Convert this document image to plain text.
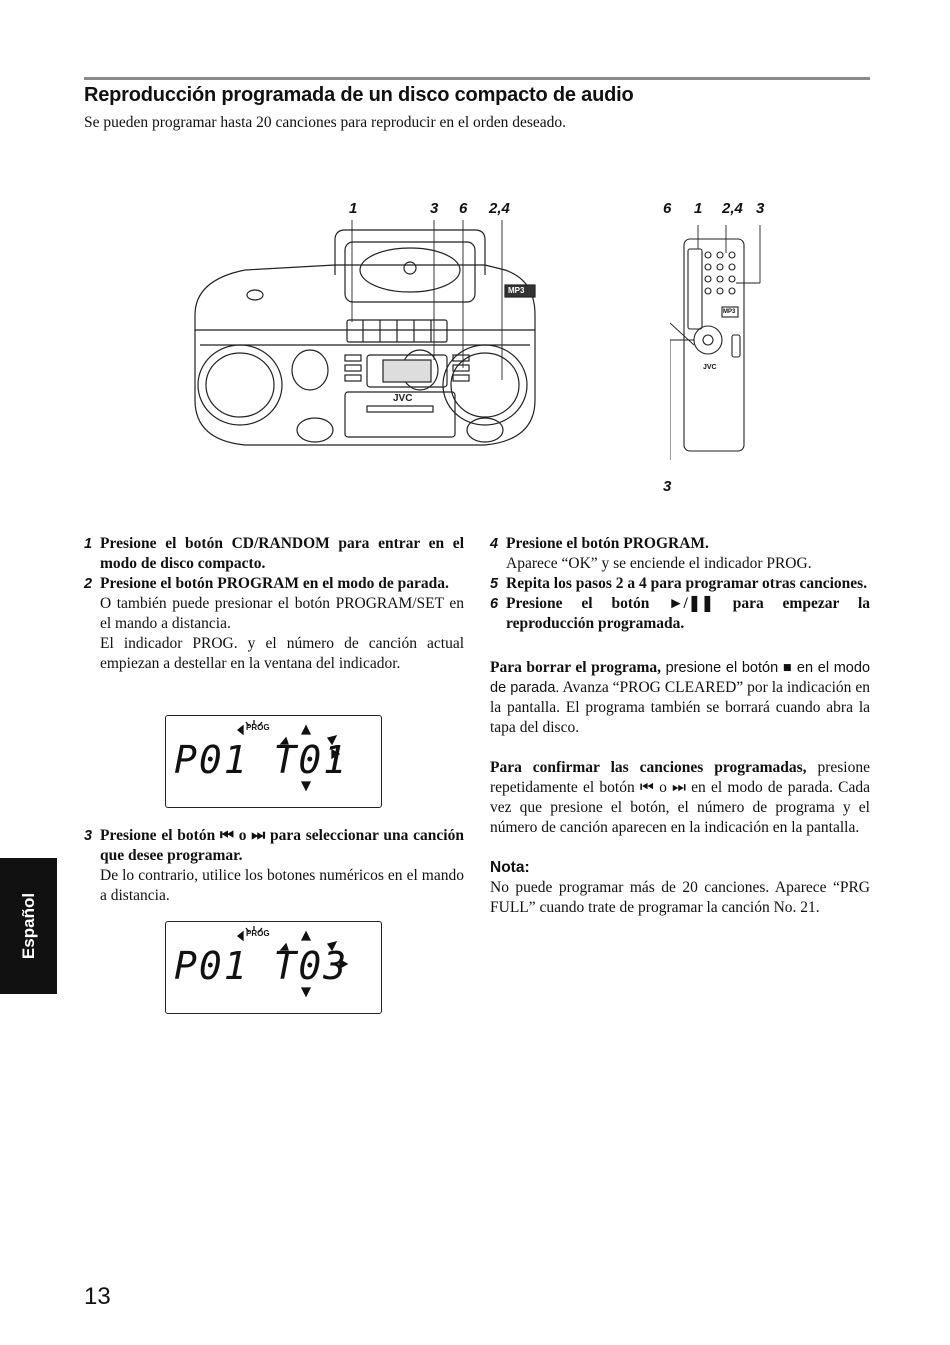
Reproducción programada de un disco compacto de audio
Se pueden programar hasta 20 canciones para reproducir en el orden deseado.
1	3 6 2,4	6 1 2,4 3
3
JVC
MP3
JVC
MP3
1 Presione el botón CD/RANDOM para entrar en el modo de disco compacto.

2 Presione el botón PROGRAM en el modo de parada.

O también puede presionar el botón PROGRAM/SET en el mando a distancia.

El indicador PROG. y el número de canción actual empiezan a destellar en la ventana del indicador.

PROG
P01 T01
3 Presione el botón ⏮ o ⏭ para seleccionar una canción que desee programar.

De lo contrario, utilice los botones numéricos en el mando a distancia.

PROG
P01 T03
4 Presione el botón PROGRAM.

Aparece “OK” y se enciende el indicador PROG.

5 Repita los pasos 2 a 4 para programar otras canciones.

6 Presione el botón ►/❚❚ para empezar la reproducción programada.

Para borrar el programa, presione el botón ■ en el modo de parada. Avanza “PROG CLEARED” por la indicación en la pantalla. El programa también se borrará cuando abra la tapa del disco.

Para confirmar las canciones programadas, presione repetidamente el botón ⏮ o ⏭ en el modo de parada. Cada vez que presione el botón, el número de programa y el número de canción aparecen en la indicación en la pantalla.

Nota:

No puede programar más de 20 canciones. Aparece “PRG FULL” cuando trate de programar la canción No. 21.

Español
13
